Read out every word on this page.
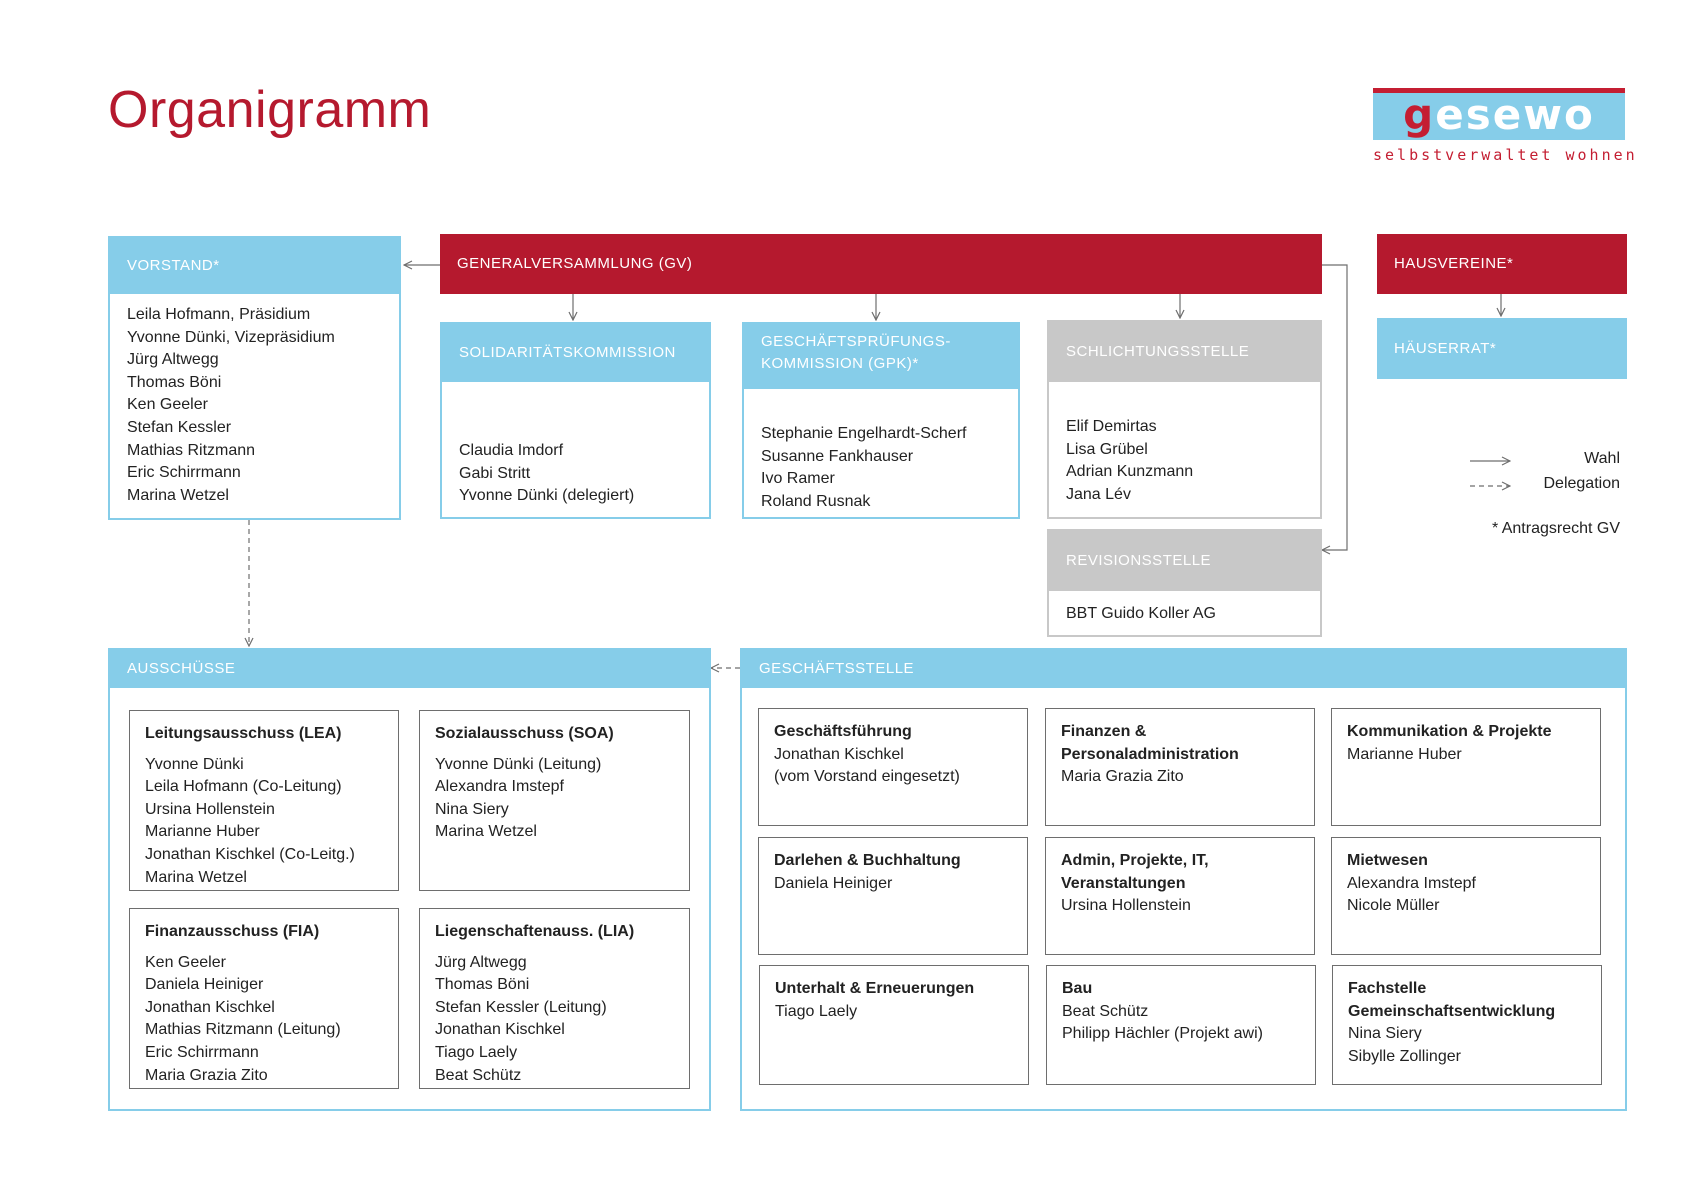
Organigramm	gesewo
selbstverwaltet wohnen
VORSTAND*
Leila Hofmann, Präsidium
Yvonne Dünki, Vizepräsidium
Jürg Altwegg
Thomas Böni
Ken Geeler
Stefan Kessler
Mathias Ritzmann
Eric Schirrmann
Marina Wetzel
GENERALVERSAMMLUNG (GV)	HAUSVEREINE*
HÄUSERRAT*
SOLIDARITÄTSKOMMISSION
Claudia Imdorf
Gabi Stritt
Yvonne Dünki (delegiert)
GESCHÄFTSPRÜFUNGS-
KOMMISSION (GPK)*
Stephanie Engelhardt-Scherf
Susanne Fankhauser
Ivo Ramer
Roland Rusnak
SCHLICHTUNGSSTELLE
Elif Demirtas
Lisa Grübel
Adrian Kunzmann
Jana Lév
REVISIONSSTELLE
BBT Guido Koller AG
Wahl
Delegation
* Antragsrecht GV
AUSSCHÜSSE
Leitungsausschuss (LEA)
Yvonne Dünki
Leila Hofmann (Co-Leitung)
Ursina Hollenstein
Marianne Huber
Jonathan Kischkel (Co-Leitg.)
Marina Wetzel
Sozialausschuss (SOA)
Yvonne Dünki (Leitung)
Alexandra Imstepf
Nina Siery
Marina Wetzel
Finanzausschuss (FIA)
Ken Geeler
Daniela Heiniger
Jonathan Kischkel
Mathias Ritzmann (Leitung)
Eric Schirrmann
Maria Grazia Zito
Liegenschaftenauss. (LIA)
Jürg Altwegg
Thomas Böni
Stefan Kessler (Leitung)
Jonathan Kischkel
Tiago Laely
Beat Schütz
GESCHÄFTSSTELLE
Geschäftsführung
Jonathan Kischkel
(vom Vorstand eingesetzt)
Finanzen &
Personaladministration
Maria Grazia Zito
Kommunikation & Projekte
Marianne Huber
Darlehen & Buchhaltung
Daniela Heiniger
Admin, Projekte, IT,
Veranstaltungen
Ursina Hollenstein
Mietwesen
Alexandra Imstepf
Nicole Müller
Unterhalt & Erneuerungen
Tiago Laely
Bau
Beat Schütz
Philipp Hächler (Projekt awi)
Fachstelle
Gemeinschaftsentwicklung
Nina Siery
Sibylle Zollinger
